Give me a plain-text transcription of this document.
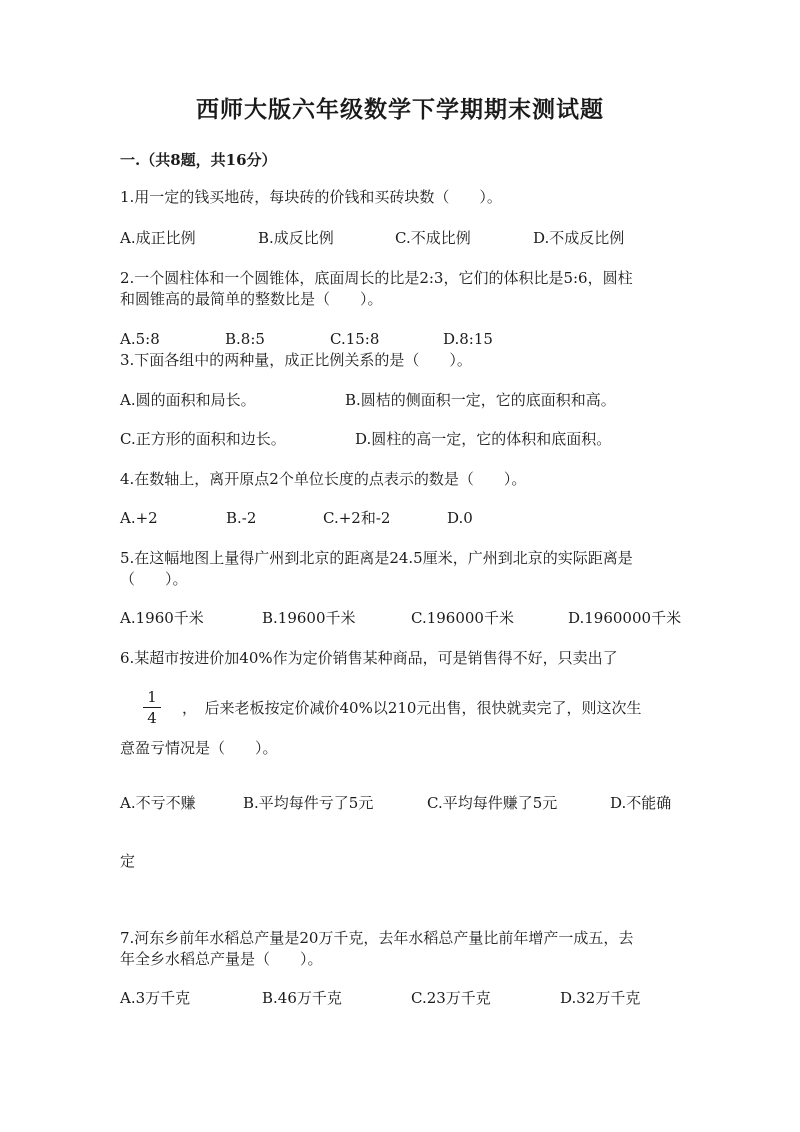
西师大版六年级数学下学期期末测试题
一.（共8题，共16分）
1.用一定的钱买地砖，每块砖的价钱和买砖块数（　　）。
A.成正比例	B.成反比例	C.不成比例	D.不成反比例
2.一个圆柱体和一个圆锥体，底面周长的比是2:3，它们的体积比是5:6，圆柱
和圆锥高的最简单的整数比是（　　）。
A.5:8	B.8:5	C.15:8	D.8:15
3.下面各组中的两种量，成正比例关系的是（　　）。
A.圆的面积和局长。	B.圆桔的侧面积一定，它的底面积和高。
C.正方形的面积和边长。	D.圆柱的高一定，它的体积和底面积。
4.在数轴上，离开原点2个单位长度的点表示的数是（　　）。
A.+2	B.-2	C.+2和-2	D.0
5.在这幅地图上量得广州到北京的距离是24.5厘米，广州到北京的实际距离是
（　　）。
A.1960千米	B.19600千米	C.196000千米	D.1960000千米
6.某超市按进价加40%作为定价销售某种商品，可是销售得不好，只卖出了
1
4
，　后来老板按定价减价40%以210元出售，很快就卖完了，则这次生
意盈亏情况是（　　）。
A.不亏不赚	B.平均每件亏了5元	C.平均每件赚了5元	D.不能确
定
7.河东乡前年水稻总产量是20万千克，去年水稻总产量比前年增产一成五，去
年全乡水稻总产量是（　　）。
A.3万千克	B.46万千克	C.23万千克	D.32万千克
